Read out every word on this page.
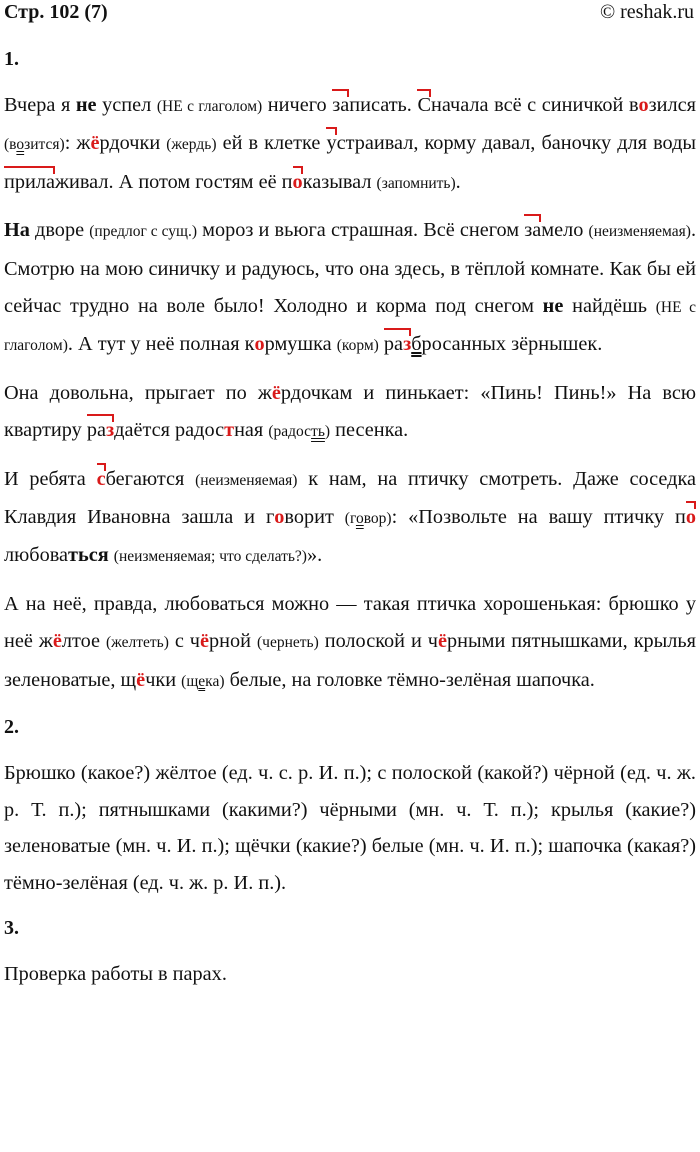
Стр. 102 (7)	© reshak.ru
1.

Вчера я не успел (НЕ с глаголом) ничего записать. Сначала всё с синичкой возился (возится): жёрдочки (жердь) ей в клетке устраивал, корму давал, баночку для воды прилаживал. А потом гостям её показывал (запомнить).

На дворе (предлог с сущ.) мороз и вьюга страшная. Всё снегом замело (неизменяемая). Смотрю на мою синичку и радуюсь, что она здесь, в тёплой комнате. Как бы ей сейчас трудно на воле было! Холодно и корма под снегом не найдёшь (НЕ с глаголом). А тут у неё полная кормушка (корм) разбросанных зёрнышек.

Она довольна, прыгает по жёрдочкам и пинькает: «Пинь! Пинь!» На всю квартиру раздаётся радостная (радость) песенка.

И ребята сбегаются (неизменяемая) к нам, на птичку смотреть. Даже соседка Клавдия Ивановна зашла и говорит (говор): «Позвольте на вашу птичку полюбоваться (неизменяемая; что сделать?)».

А на неё, правда, любоваться можно — такая птичка хорошенькая: брюшко у неё жёлтое (желтеть) с чёрной (чернеть) полоской и чёрными пятнышками, крылья зеленоватые, щёчки (щека) белые, на головке тёмно-зелёная шапочка.

2.

Брюшко (какое?) жёлтое (ед. ч. с. р. И. п.); с полоской (какой?) чёрной (ед. ч. ж. р. Т. п.); пятнышками (какими?) чёрными (мн. ч. Т. п.); крылья (какие?) зеленоватые (мн. ч. И. п.); щёчки (какие?) белые (мн. ч. И. п.); шапочка (какая?) тёмно-зелёная (ед. ч. ж. р. И. п.).

3.

Проверка работы в парах.
